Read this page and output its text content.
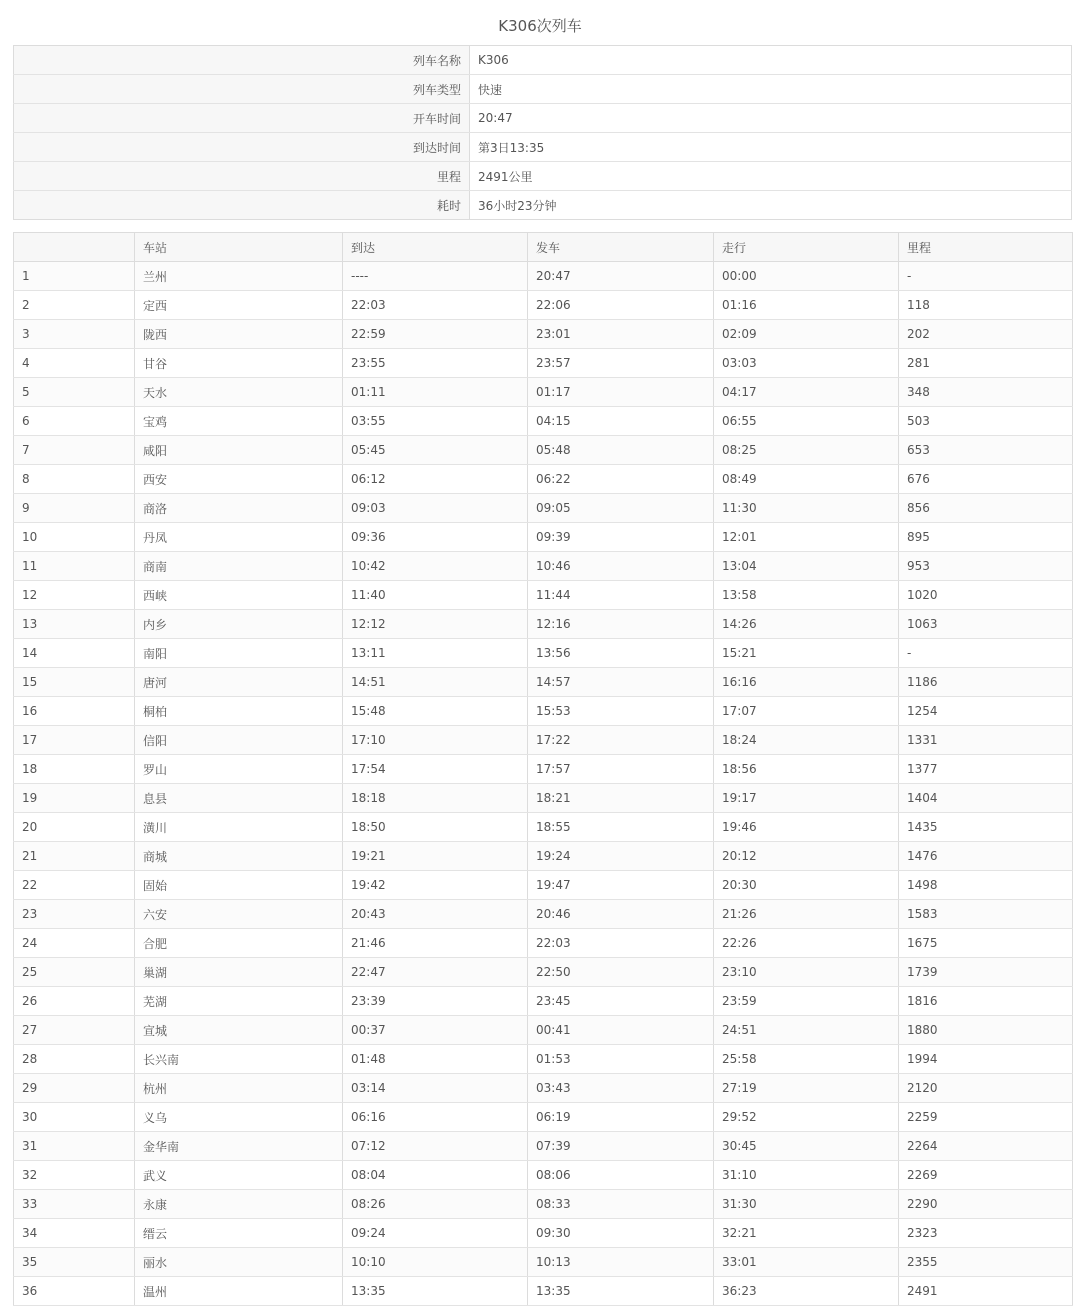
K306次列车
列车名称	K306
列车类型	快速
开车时间	20:47
到达时间	第3日13:35
里程	2491公里
耗时	36小时23分钟
	车站	到达	发车	走行	里程
1	兰州	----	20:47	00:00	-
2	定西	22:03	22:06	01:16	118
3	陇西	22:59	23:01	02:09	202
4	甘谷	23:55	23:57	03:03	281
5	天水	01:11	01:17	04:17	348
6	宝鸡	03:55	04:15	06:55	503
7	咸阳	05:45	05:48	08:25	653
8	西安	06:12	06:22	08:49	676
9	商洛	09:03	09:05	11:30	856
10	丹凤	09:36	09:39	12:01	895
11	商南	10:42	10:46	13:04	953
12	西峡	11:40	11:44	13:58	1020
13	内乡	12:12	12:16	14:26	1063
14	南阳	13:11	13:56	15:21	-
15	唐河	14:51	14:57	16:16	1186
16	桐柏	15:48	15:53	17:07	1254
17	信阳	17:10	17:22	18:24	1331
18	罗山	17:54	17:57	18:56	1377
19	息县	18:18	18:21	19:17	1404
20	潢川	18:50	18:55	19:46	1435
21	商城	19:21	19:24	20:12	1476
22	固始	19:42	19:47	20:30	1498
23	六安	20:43	20:46	21:26	1583
24	合肥	21:46	22:03	22:26	1675
25	巢湖	22:47	22:50	23:10	1739
26	芜湖	23:39	23:45	23:59	1816
27	宣城	00:37	00:41	24:51	1880
28	长兴南	01:48	01:53	25:58	1994
29	杭州	03:14	03:43	27:19	2120
30	义乌	06:16	06:19	29:52	2259
31	金华南	07:12	07:39	30:45	2264
32	武义	08:04	08:06	31:10	2269
33	永康	08:26	08:33	31:30	2290
34	缙云	09:24	09:30	32:21	2323
35	丽水	10:10	10:13	33:01	2355
36	温州	13:35	13:35	36:23	2491
